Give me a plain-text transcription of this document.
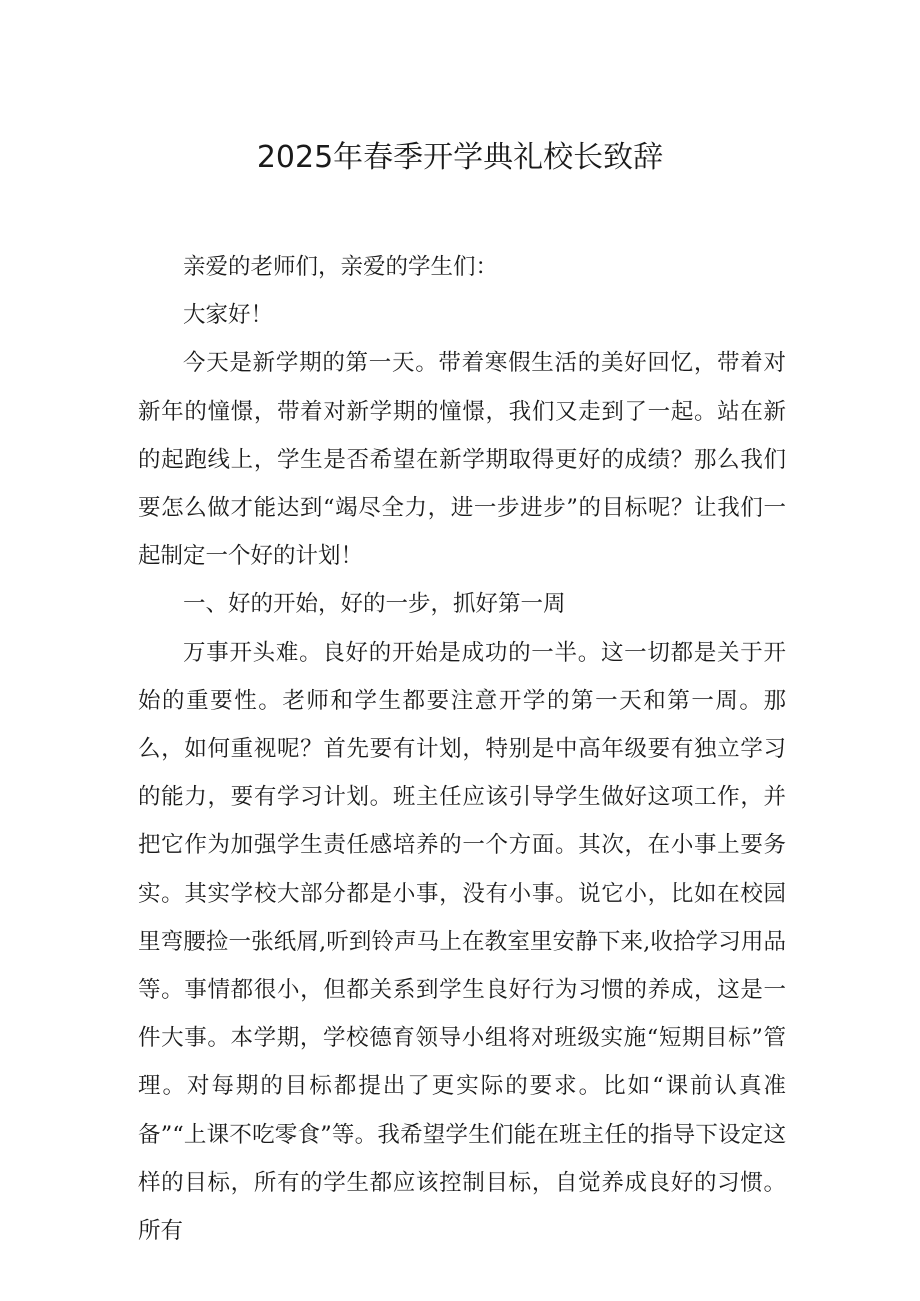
2025年春季开学典礼校长致辞

亲爱的老师们，亲爱的学生们：

大家好！

今天是新学期的第一天。带着寒假生活的美好回忆，带着对新年的憧憬，带着对新学期的憧憬，我们又走到了一起。站在新的起跑线上，学生是否希望在新学期取得更好的成绩？那么我们要怎么做才能达到“竭尽全力，进一步进步”的目标呢？让我们一起制定一个好的计划！

一、好的开始，好的一步，抓好第一周

万事开头难。良好的开始是成功的一半。这一切都是关于开始的重要性。老师和学生都要注意开学的第一天和第一周。那么，如何重视呢？首先要有计划，特别是中高年级要有独立学习的能力，要有学习计划。班主任应该引导学生做好这项工作，并把它作为加强学生责任感培养的一个方面。其次，在小事上要务实。其实学校大部分都是小事，没有小事。说它小，比如在校园里弯腰捡一张纸屑,听到铃声马上在教室里安静下来,收拾学习用品等。事情都很小，但都关系到学生良好行为习惯的养成，这是一件大事。本学期，学校德育领导小组将对班级实施“短期目标”管理。对每期的目标都提出了更实际的要求。比如“课前认真准备”“上课不吃零食”等。我希望学生们能在班主任的指导下设定这样的目标，所有的学生都应该控制目标，自觉养成良好的习惯。所有
